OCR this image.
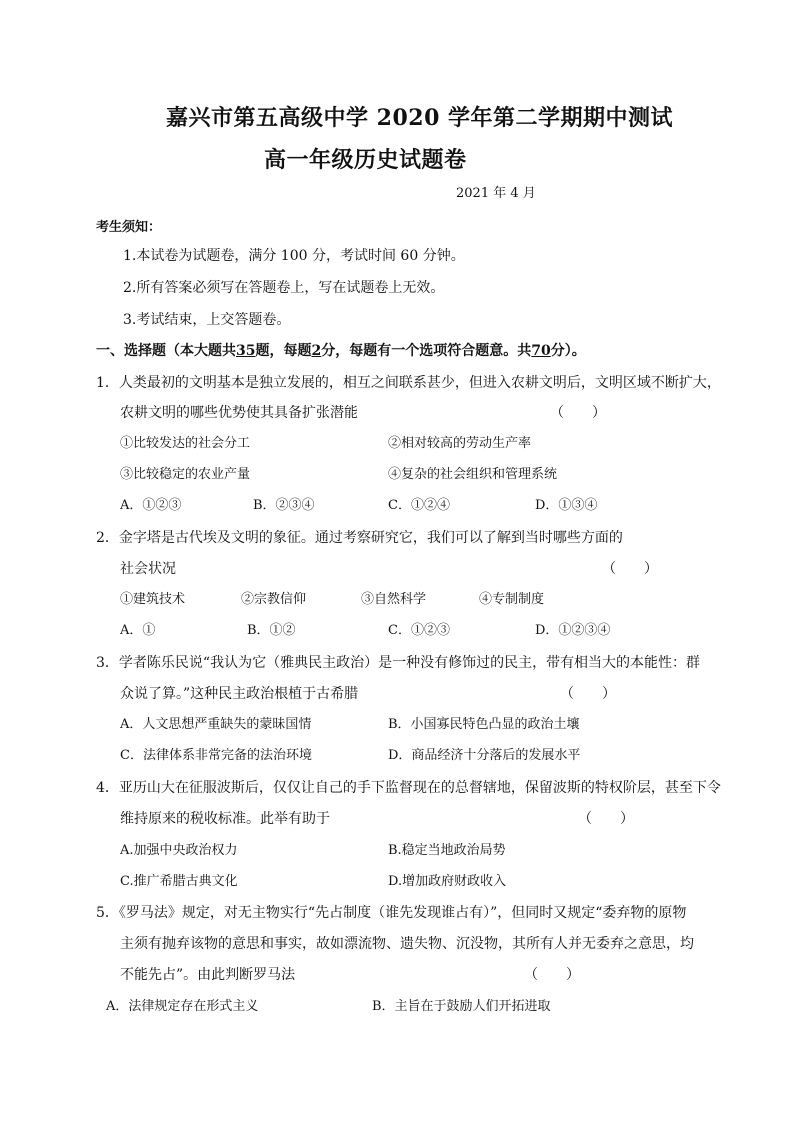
嘉兴市第五高级中学 2020 学年第二学期期中测试
高一年级历史试题卷
2021 年 4 月
考生须知：
1.本试卷为试题卷，满分 100 分，考试时间 60 分钟。
2.所有答案必须写在答题卷上，写在试题卷上无效。
3.考试结束，上交答题卷。
一、选择题（本大题共35题，每题2分，每题有一个选项符合题意。共70分）。
1．人类最初的文明基本是独立发展的，相互之间联系甚少，但进入农耕文明后，文明区域不断扩大，
农耕文明的哪些优势使其具备扩张潜能	（　　）
①比较发达的社会分工	②相对较高的劳动生产率
③比较稳定的农业产量	④复杂的社会组织和管理系统
A．①②③	B．②③④	C．①②④	D．①③④
2．金字塔是古代埃及文明的象征。通过考察研究它，我们可以了解到当时哪些方面的
社会状况	（　　）
①建筑技术	②宗教信仰	③自然科学	④专制制度
A．①	B．①②	C．①②③	D．①②③④
3．学者陈乐民说“我认为它（雅典民主政治）是一种没有修饰过的民主，带有相当大的本能性：群
众说了算。”这种民主政治根植于古希腊	（　　）
A．人文思想严重缺失的蒙昧国情	B．小国寡民特色凸显的政治土壤
C．法律体系非常完备的法治环境	D．商品经济十分落后的发展水平
4．亚历山大在征服波斯后，仅仅让自己的手下监督现在的总督辖地，保留波斯的特权阶层，甚至下令
维持原来的税收标准。此举有助于	（　　）
A.加强中央政治权力	B.稳定当地政治局势
C.推广希腊古典文化	D.增加政府财政收入
5．《罗马法》规定，对无主物实行“先占制度（谁先发现谁占有）”，但同时又规定“委弃物的原物
主须有抛弃该物的意思和事实，故如漂流物、遗失物、沉没物，其所有人并无委弃之意思，均
不能先占”。由此判断罗马法	（　　）
A．法律规定存在形式主义	B．主旨在于鼓励人们开拓进取
